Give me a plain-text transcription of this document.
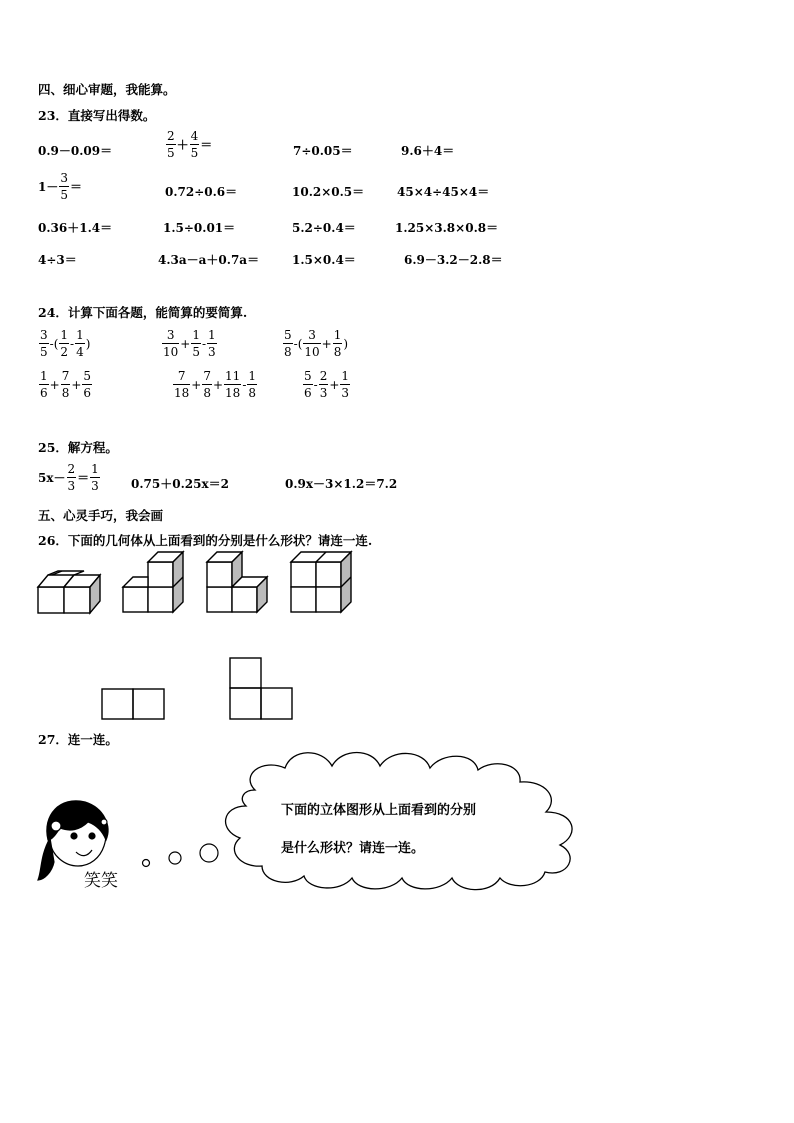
四、细心审题，我能算。
23．直接写出得数。
0.9－0.09＝	$\frac{2}{5} + \frac{4}{5}$ ＝	7÷0.05＝	9.6＋4＝
$1- \frac{3}{5}$ ＝	0.72÷0.6＝	10.2×0.5＝	45×4÷45×4＝
0.36＋1.4＝	1.5÷0.01＝	5.2÷0.4＝	1.25×3.8×0.8＝
4÷3＝	4.3a－a＋0.7a＝	1.5×0.4＝	6.9－3.2－2.8＝
24．计算下面各题，能简算的要简算.
$\frac{3}{5}$ -( $\frac{1}{2} - \frac{1}{4}$ )	$\frac{3}{10} + \frac{1}{5} - \frac{1}{3}$	$\frac{5}{8}$ -( $\frac{3}{10} + \frac{1}{8}$ )
$\frac{1}{6} + \frac{7}{8} + \frac{5}{6}$	$\frac{7}{18} + \frac{7}{8} + \frac{11}{18} - \frac{1}{8}$	$\frac{5}{6} - \frac{2}{3} + \frac{1}{3}$
25．解方程。
$5x- \frac{2}{3} = \frac{1}{3}$	0.75＋0.25x＝2	0.9x－3×1.2＝7.2
五、心灵手巧，我会画
26．下面的几何体从上面看到的分别是什么形状？请连一连.
27．连一连。
笑笑
下面的立体图形从上面看到的分别
是什么形状？请连一连。
